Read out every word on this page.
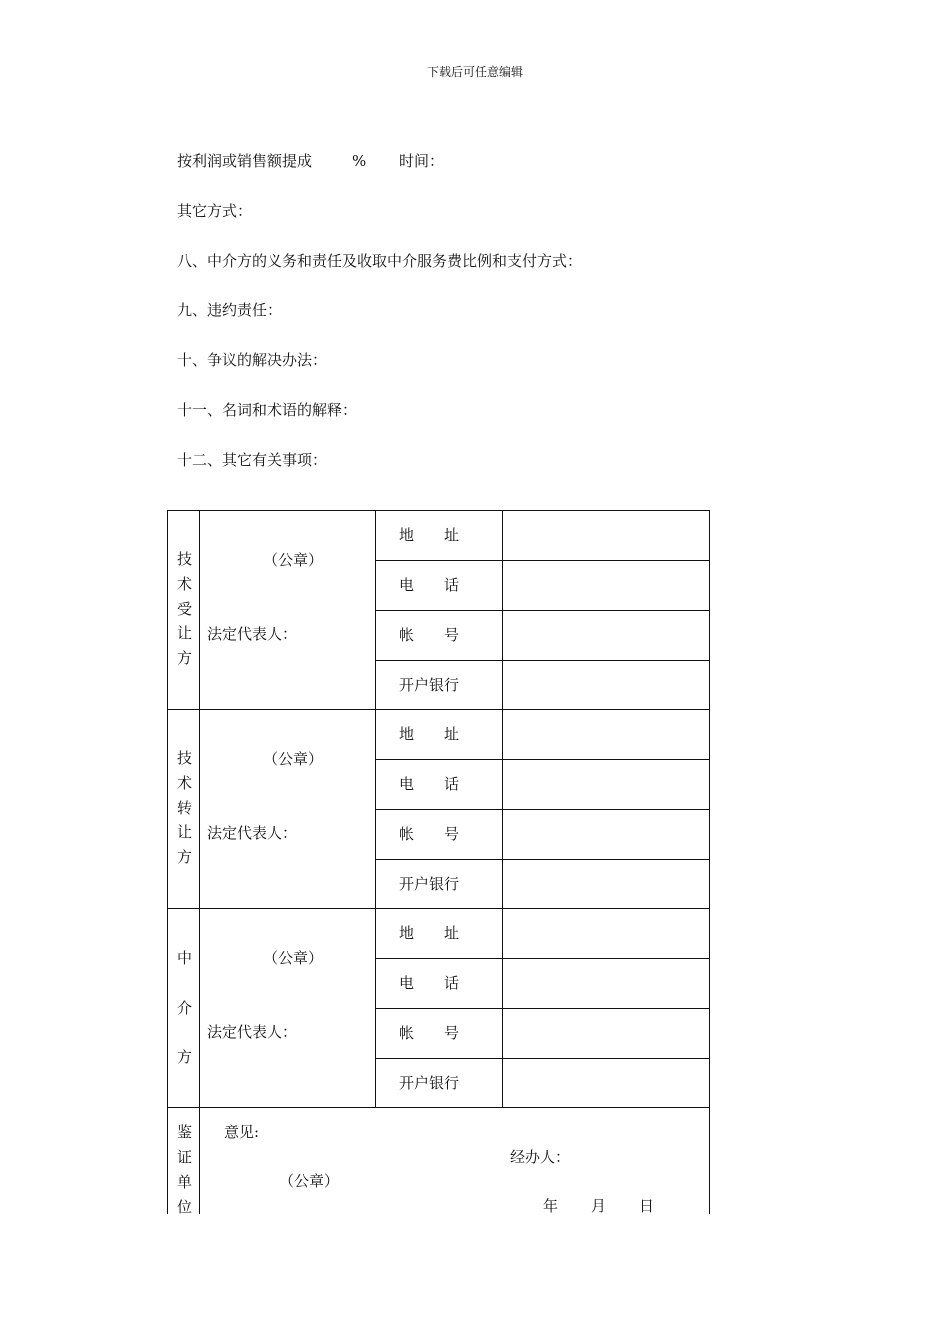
下载后可任意编辑
按利润或销售额提成	% 时间：
其它方式：
八、中介方的义务和责任及收取中介服务费比例和支付方式：
九、违约责任：
十、争议的解决办法：
十一、名词和术语的解释：
十二、其它有关事项：
技
术
受
让
方
（公章）
法定代表人：
地　　址
电　　话
帐　　号
开户银行
技
术
转
让
方
（公章）
法定代表人：
地　　址
电　　话
帐　　号
开户银行
中
介
方
（公章）
法定代表人：
地　　址
电　　话
帐　　号
开户银行
鉴
证
单
位
意见:
经办人：
（公章）
年 月 日
